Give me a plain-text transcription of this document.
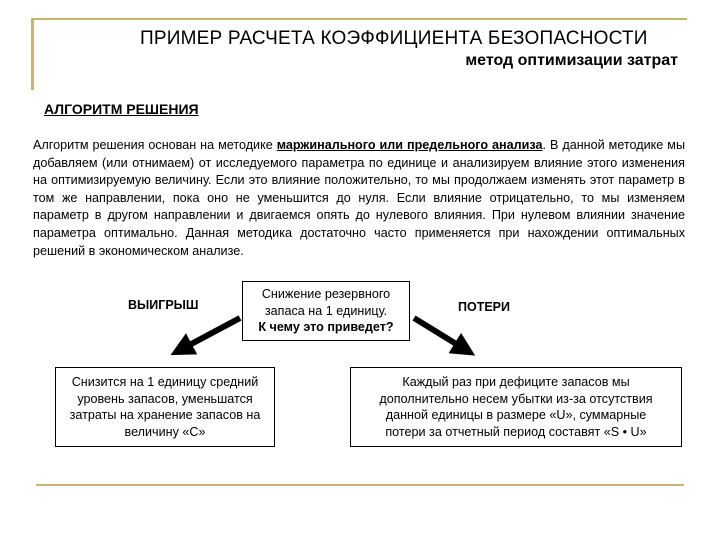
ПРИМЕР РАСЧЕТА КОЭФФИЦИЕНТА БЕЗОПАСНОСТИ
метод оптимизации затрат
АЛГОРИТМ РЕШЕНИЯ
Алгоритм решения основан на методике маржинального или предельного анализа. В данной методике мы добавляем (или отнимаем) от исследуемого параметра по единице и анализируем влияние этого изменения на оптимизируемую величину. Если это влияние положительно, то мы продолжаем изменять этот параметр в том же направлении, пока оно не уменьшится до нуля. Если влияние отрицательно, то мы изменяем параметр в другом направлении и двигаемся опять до нулевого влияния. При нулевом влиянии значение параметра оптимально. Данная методика достаточно часто применяется при нахождении оптимальных решений в экономическом анализе.
ВЫИГРЫШ	ПОТЕРИ
Снижение резервного
запаса на 1 единицу.
К чему это приведет?
Снизится на 1 единицу средний
уровень запасов, уменьшатся
затраты на хранение запасов на
величину «С»
Каждый раз при дефиците запасов мы
дополнительно несем убытки из-за отсутствия
данной единицы в размере «U», суммарные
потери за отчетный период составят «S • U»
